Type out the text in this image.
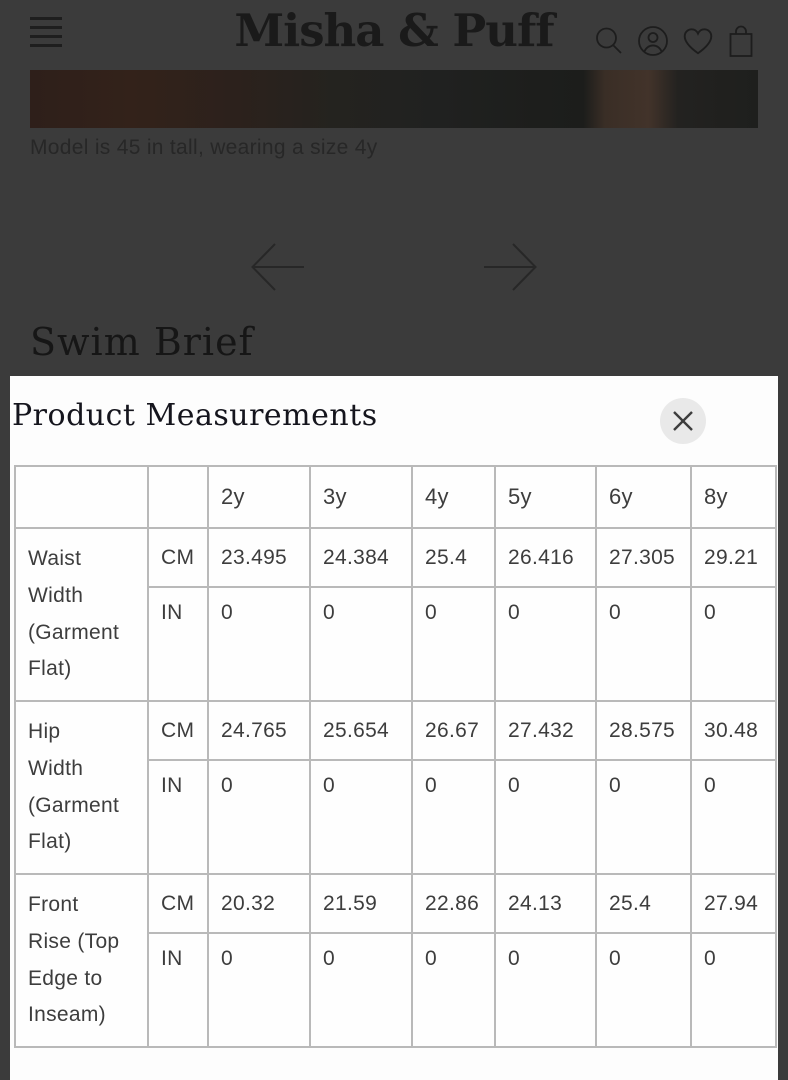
Misha & Puff
Model is 45 in tall, wearing a size 4y
Swim Brief
Product Measurements
		2y	3y	4y	5y	6y	8y
Waist Width (Garment Flat)	CM	23.495	24.384	25.4	26.416	27.305	29.21
	IN	0	0	0	0	0	0
Hip Width (Garment Flat)	CM	24.765	25.654	26.67	27.432	28.575	30.48
	IN	0	0	0	0	0	0
Front Rise (Top Edge to Inseam)	CM	20.32	21.59	22.86	24.13	25.4	27.94
	IN	0	0	0	0	0	0
